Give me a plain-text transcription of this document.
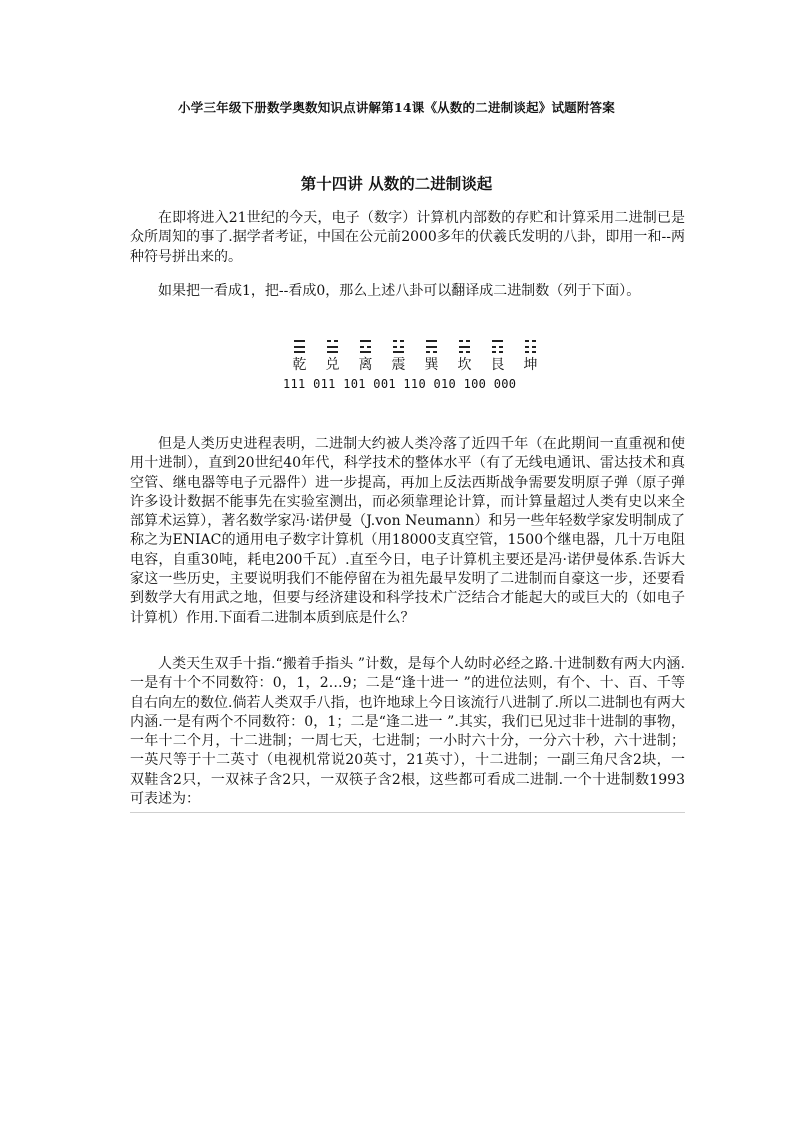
小学三年级下册数学奥数知识点讲解第14课《从数的二进制谈起》试题附答案
第十四讲 从数的二进制谈起

在即将进入21世纪的今天，电子（数字）计算机内部数的存贮和计算采用二进制已是众所周知的事了.据学者考证，中国在公元前2000多年的伏羲氏发明的八卦，即用一和--两种符号拼出来的。

如果把一看成1，把--看成0，那么上述八卦可以翻译成二进制数（列于下面）。

乾 兑 离 震 巽 坎 艮 坤
111 011 101 001 110 010 100 000

但是人类历史进程表明，二进制大约被人类冷落了近四千年（在此期间一直重视和使用十进制），直到20世纪40年代，科学技术的整体水平（有了无线电通讯、雷达技术和真空管、继电器等电子元器件）进一步提高，再加上反法西斯战争需要发明原子弹（原子弹许多设计数据不能事先在实验室测出，而必须靠理论计算，而计算量超过人类有史以来全部算术运算），著名数学家冯·诺伊曼（J.von Neumann）和另一些年轻数学家发明制成了称之为ENIAC的通用电子数字计算机（用18000支真空管，1500个继电器，几十万电阻电容，自重30吨，耗电200千瓦）.直至今日，电子计算机主要还是冯·诺伊曼体系.告诉大家这一些历史，主要说明我们不能停留在为祖先最早发明了二进制而自豪这一步，还要看到数学大有用武之地，但要与经济建设和科学技术广泛结合才能起大的或巨大的（如电子计算机）作用.下面看二进制本质到底是什么？

人类天生双手十指.“搬着手指头 ”计数，是每个人幼时必经之路.十进制数有两大内涵.一是有十个不同数符：0，1，2…9；二是“逢十进一 ”的进位法则，有个、十、百、千等自右向左的数位.倘若人类双手八指，也许地球上今日该流行八进制了.所以二进制也有两大内涵.一是有两个不同数符：0，1；二是“逢二进一 ”.其实，我们已见过非十进制的事物，一年十二个月，十二进制；一周七天，七进制；一小时六十分，一分六十秒，六十进制；一英尺等于十二英寸（电视机常说20英寸，21英寸），十二进制；一副三角尺含2块，一双鞋含2只，一双袜子含2只，一双筷子含2根，这些都可看成二进制.一个十进制数1993可表述为：
